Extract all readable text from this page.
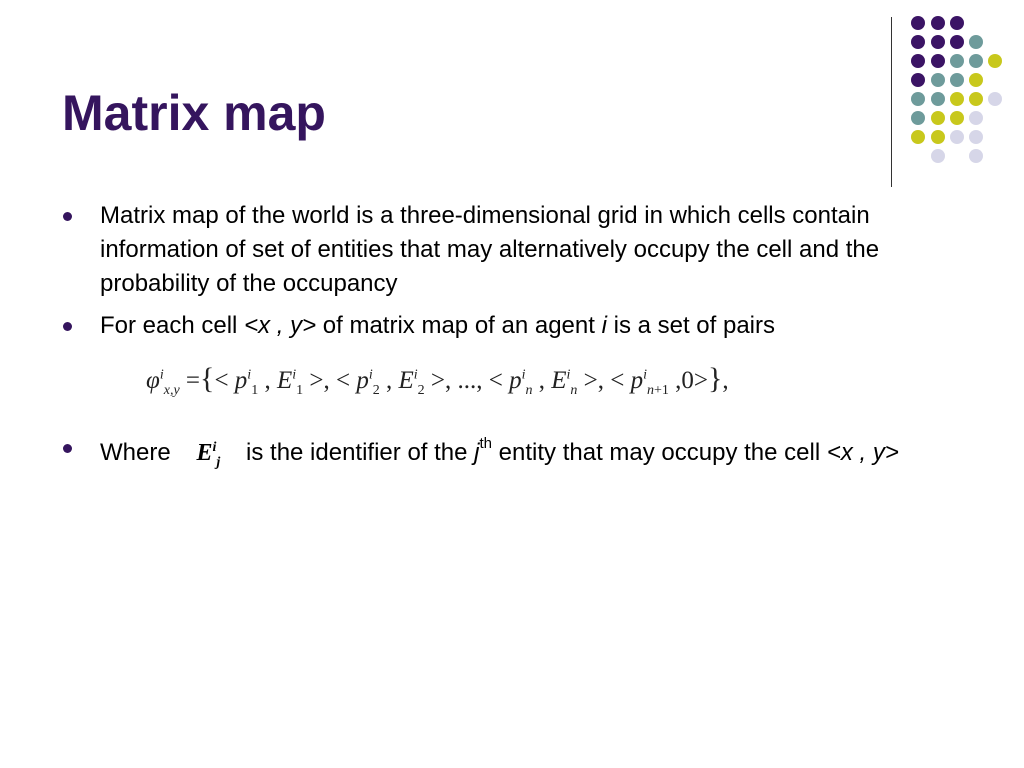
Matrix map
Matrix map of the world is a three-dimensional grid in which cells contain information of set of entities that may alternatively occupy the cell and the probability of the occupancy
For each cell <x , y> of matrix map of an agent i is a set of pairs
$\varphi^i_{x,y}$ ={< $p^i_1$ , $E^i_1$ >, < $p^i_2$ , $E^i_2$ >, ..., < $p^i_n$ , $E^i_n$ >, < $p^i_{n+1}$ ,0>},
Where $E^i_j$ is the identifier of the $j^{th}$ entity that may occupy the cell <x , y>
